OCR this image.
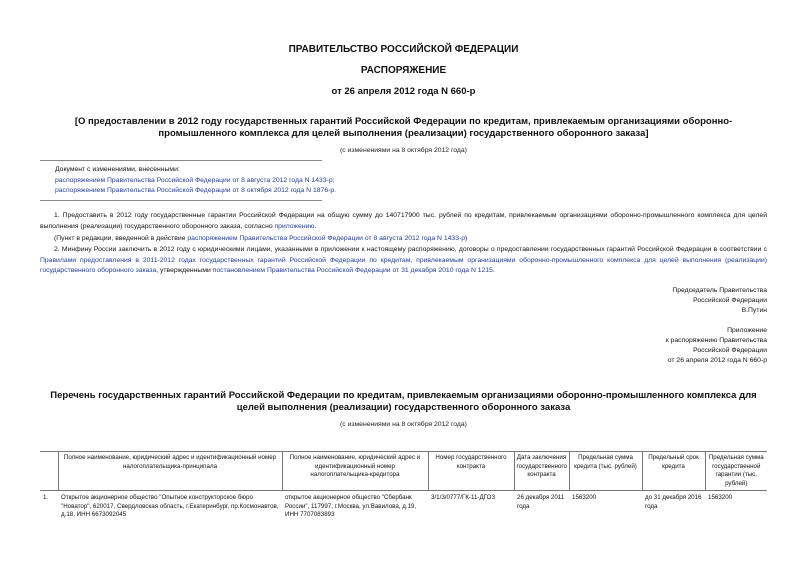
ПРАВИТЕЛЬСТВО РОССИЙСКОЙ ФЕДЕРАЦИИ
РАСПОРЯЖЕНИЕ
от 26 апреля 2012 года N 660-р
[О предоставлении в 2012 году государственных гарантий Российской Федерации по кредитам, привлекаемым организациями оборонно-промышленного комплекса для целей выполнения (реализации) государственного оборонного заказа]
(с изменениями на 8 октября 2012 года)
Документ с изменениями, внесенными:
распоряжением Правительства Российской Федерации от 8 августа 2012 года N 1433-р;
распоряжением Правительства Российской Федерации от 8 октября 2012 года N 1876-р.
1. Предоставить в 2012 году государственные гарантии Российской Федерации на общую сумму до 140717900 тыс. рублей по кредитам, привлекаемым организациями оборонно-промышленного комплекса для целей выполнения (реализации) государственного оборонного заказа, согласно приложению.
(Пункт в редакции, введенной в действие распоряжением Правительства Российской Федерации от 8 августа 2012 года N 1433-р)
2. Минфину России заключить в 2012 году с юридическими лицами, указанными в приложении к настоящему распоряжению, договоры о предоставлении государственных гарантий Российской Федерации в соответствии с Правилами предоставления в 2011-2012 годах государственных гарантий Российской Федерации по кредитам, привлекаемым организациями оборонно-промышленного комплекса для целей выполнения (реализации) государственного оборонного заказа, утвержденными постановлением Правительства Российской Федерации от 31 декабря 2010 года N 1215.
Председатель Правительства
Российской Федерации
В.Путин
Приложение
к распоряжению Правительства
Российской Федерации
от 26 апреля 2012 года N 660-р
Перечень государственных гарантий Российской Федерации по кредитам, привлекаемым организациями оборонно-промышленного комплекса для целей выполнения (реализации) государственного оборонного заказа
(с изменениями на 8 октября 2012 года)
	Полное наименование, юридический адрес и идентификационный номер налогоплательщика-принципала	Полное наименование, юридический адрес и идентификационный номер налогоплательщика-кредитора	Номер государственного контракта	Дата заключения государственного контракта	Предельная сумма кредита (тыс. рублей)	Предельный срок кредита	Предельная сумма государственной гарантии (тыс. рублей)
1.	Открытое акционерное общество "Опытное конструкторское бюро "Новатор", 620017, Свердловская область, г.Екатеринбург, пр.Космонавтов, д.18, ИНН 6673092045	открытое акционерное общество "Сбербанк России", 117997, г.Москва, ул.Вавилова, д.19, ИНН 7707083893	3/1/3/0777/ГК-11-ДГОЗ	26 декабря 2011 года	1563200	до 31 декабря 2016 года	1563200
